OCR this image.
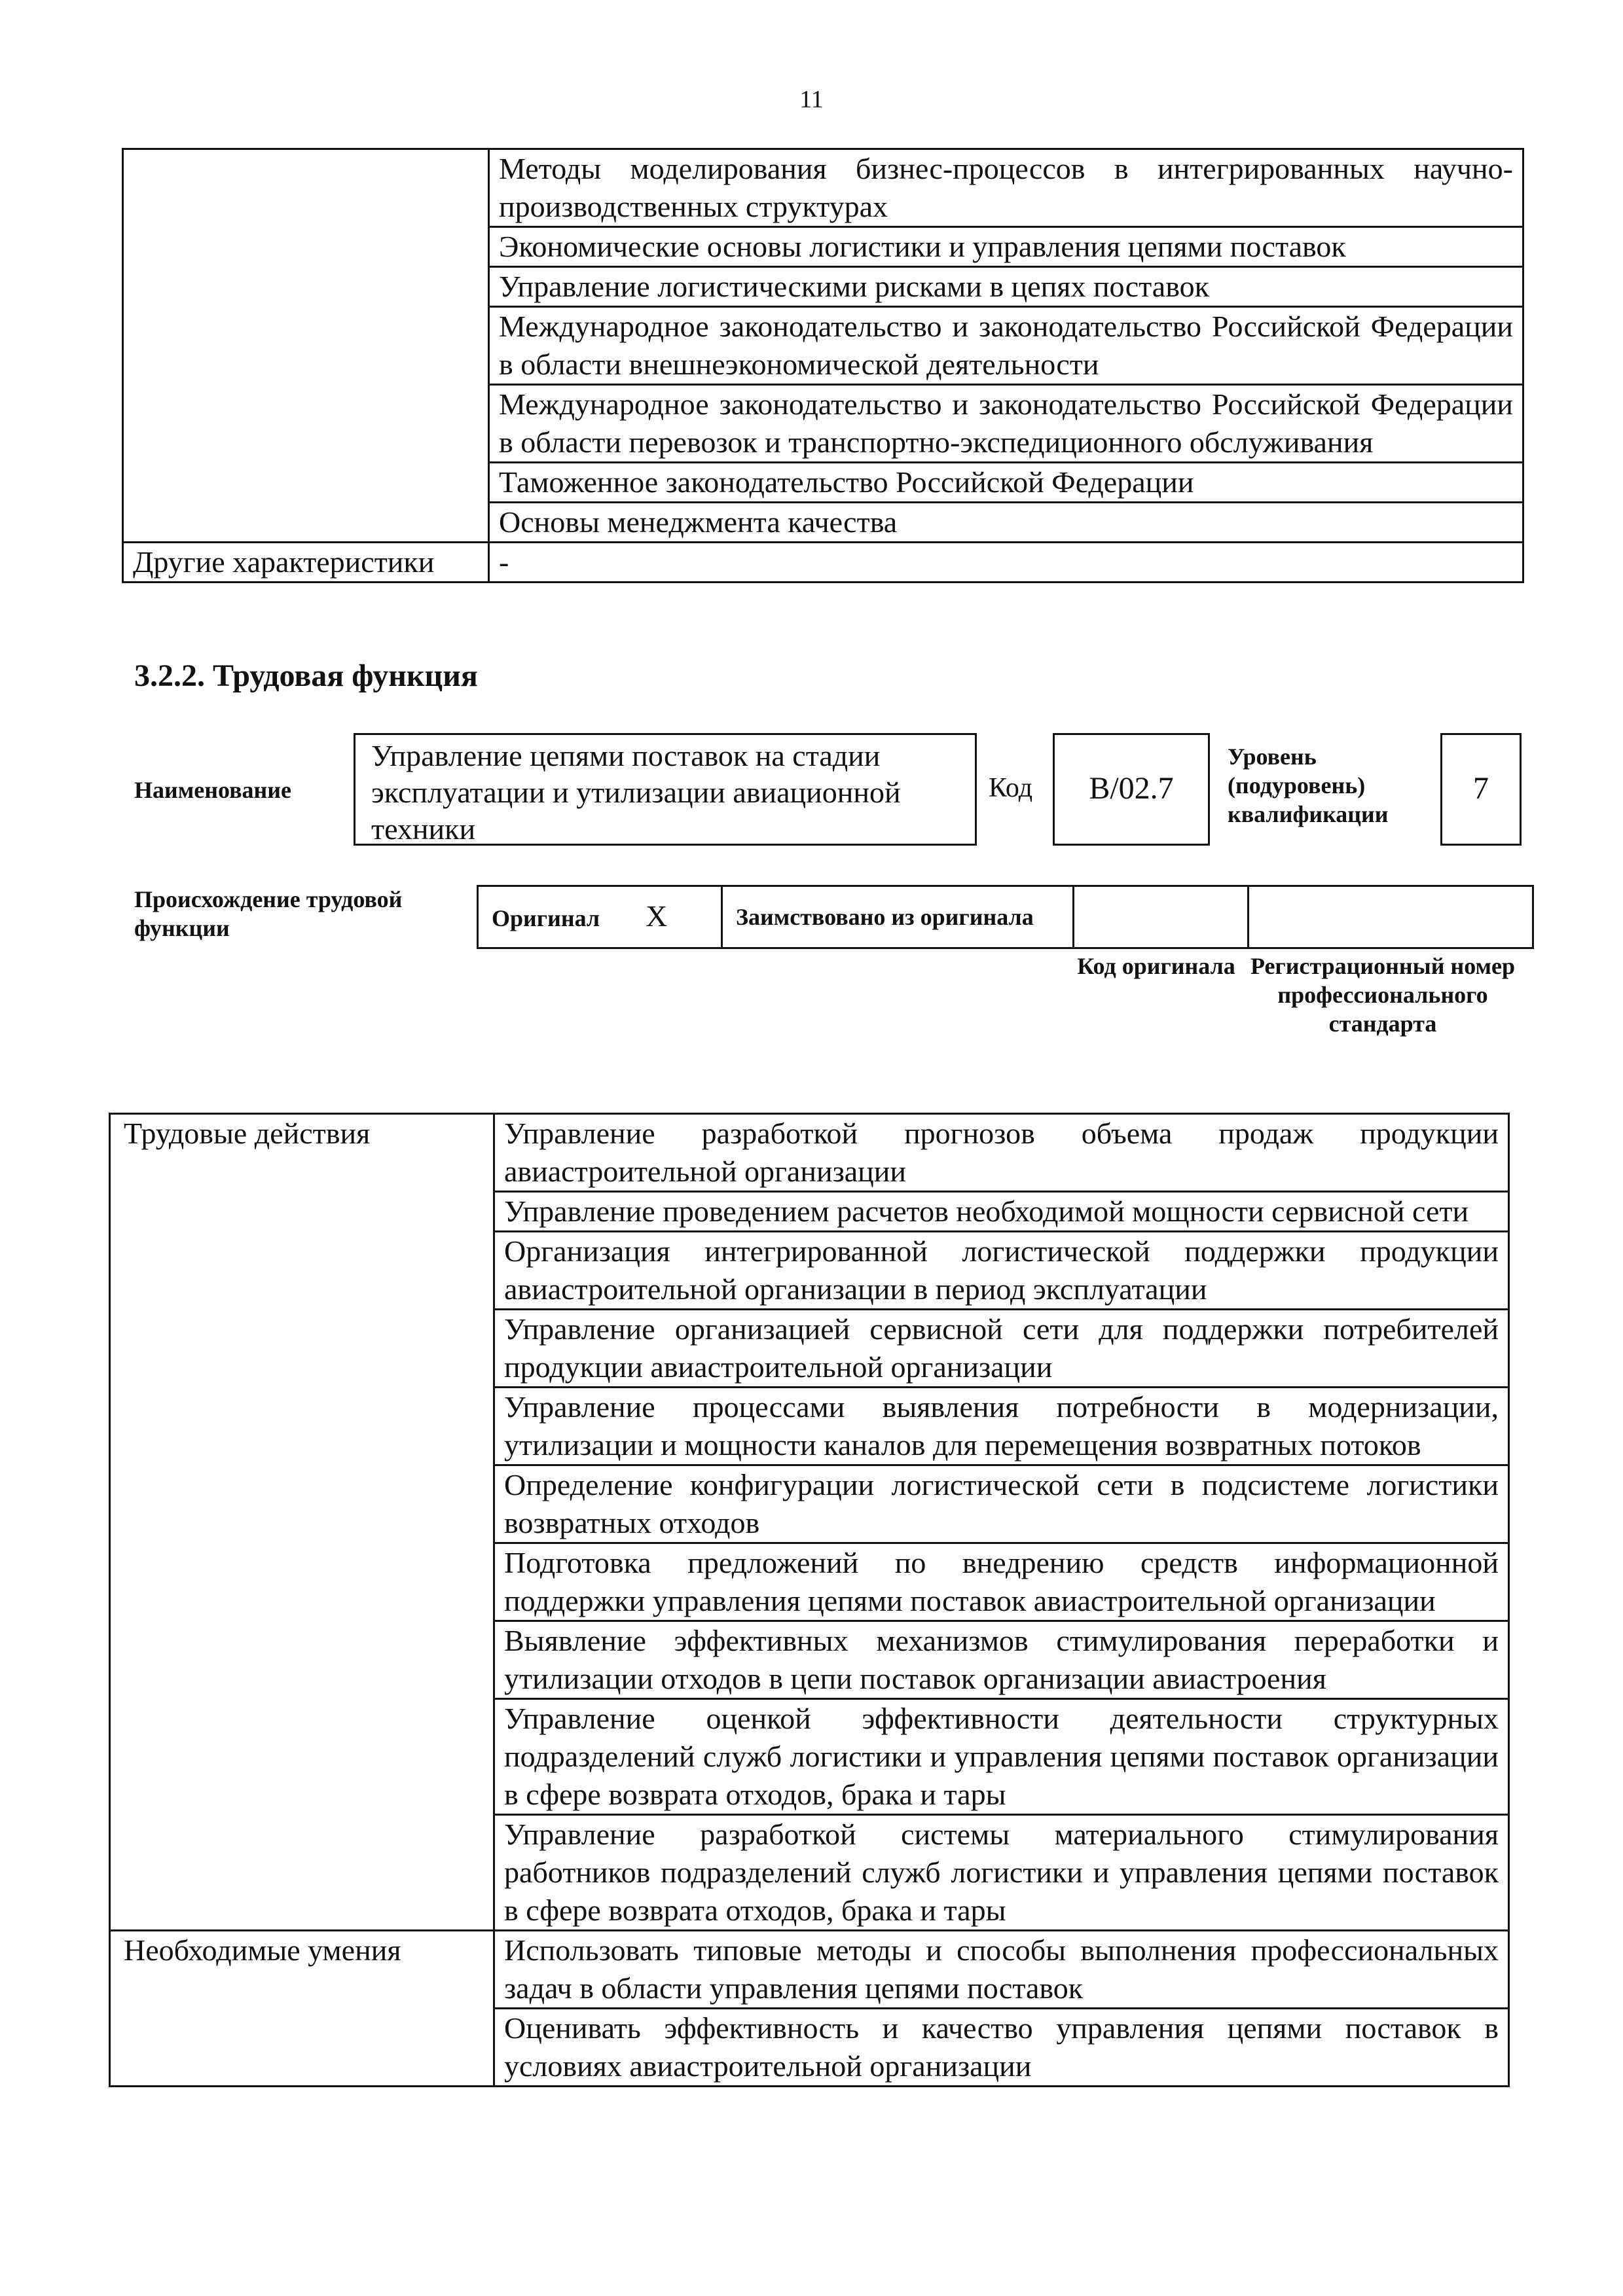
11
	Методы моделирования бизнес-процессов в интегрированных научно-производственных структурах
	Экономические основы логистики и управления цепями поставок
	Управление логистическими рисками в цепях поставок
	Международное законодательство и законодательство Российской Федерации в области внешнеэкономической деятельности
	Международное законодательство и законодательство Российской Федерации в области перевозок и транспортно-экспедиционного обслуживания
	Таможенное законодательство Российской Федерации
	Основы менеджмента качества
Другие характеристики	-
3.2.2. Трудовая функция
Наименование
Управление цепями поставок на стадии эксплуатации и утилизации авиационной техники
Код	B/02.7
Уровень (подуровень) квалификации
7
Происхождение трудовой функции	Оригинал X	Заимствовано из оригинала

Код оригинала Регистрационный номер профессионального стандарта
Трудовые действия	Управление разработкой прогнозов объема продаж продукции авиастроительной организации
	Управление проведением расчетов необходимой мощности сервисной сети
	Организация интегрированной логистической поддержки продукции авиастроительной организации в период эксплуатации
	Управление организацией сервисной сети для поддержки потребителей продукции авиастроительной организации
	Управление процессами выявления потребности в модернизации, утилизации и мощности каналов для перемещения возвратных потоков
	Определение конфигурации логистической сети в подсистеме логистики возвратных отходов
	Подготовка предложений по внедрению средств информационной поддержки управления цепями поставок авиастроительной организации
	Выявление эффективных механизмов стимулирования переработки и утилизации отходов в цепи поставок организации авиастроения
	Управление оценкой эффективности деятельности структурных подразделений служб логистики и управления цепями поставок организации в сфере возврата отходов, брака и тары
	Управление разработкой системы материального стимулирования работников подразделений служб логистики и управления цепями поставок в сфере возврата отходов, брака и тары
Необходимые умения	Использовать типовые методы и способы выполнения профессиональных задач в области управления цепями поставок
	Оценивать эффективность и качество управления цепями поставок в условиях авиастроительной организации
